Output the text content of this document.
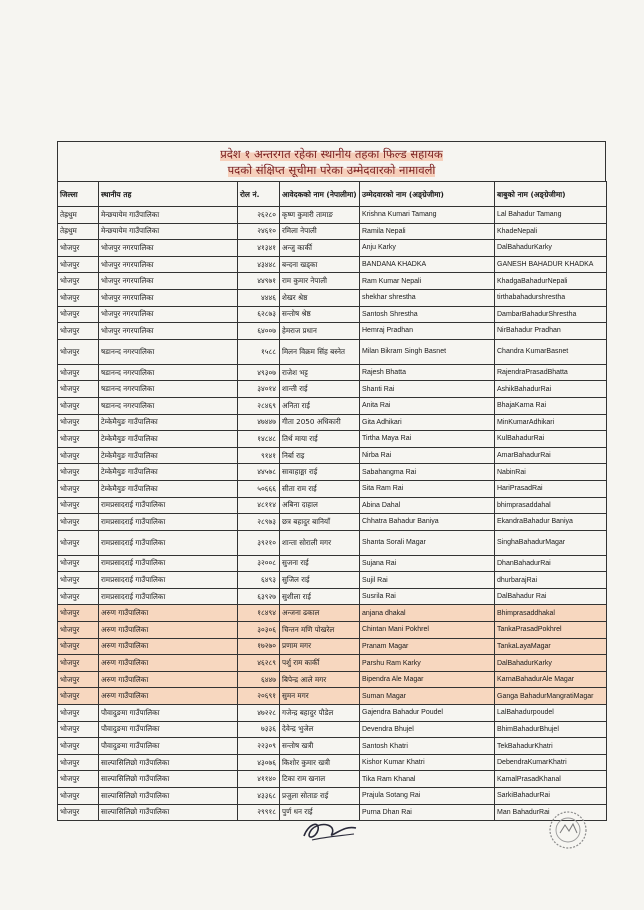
प्रदेश १ अन्तरगत रहेका स्थानीय तहका फिल्ड सहायक
पदको संक्षिप्त सूचीमा परेका उम्मेदवारको नामावली
जिल्ला	स्थानीय तह	रोल नं.	आवेदकको नाम (नेपालीमा)	उम्मेदवारको नाम (अङ्ग्रेजीमा)	बाबुको नाम (अङ्ग्रेजीमा)
तेह्रथुम	मेन्छयायेम गाउँपालिका	२६२८०	कृष्ण कुमारी तामाङ	Krishna Kumari Tamang	Lal Bahadur Tamang
तेह्रथुम	मेन्छयायेम गाउँपालिका	२४६१०	रमिला नेपाली	Ramila Nepali	KhadeNepali
भोजपुर	भोजपुर नगरपालिका	४१३४१	अन्जु कार्की	Anju Karky	DalBahadurKarky
भोजपुर	भोजपुर नगरपालिका	४३४४८	बन्दना खड्का	BANDANA KHADKA	GANESH BAHADUR KHADKA
भोजपुर	भोजपुर नगरपालिका	४४९७१	राम कुमार नेपाली	Ram Kumar Nepali	KhadgaBahadurNepali
भोजपुर	भोजपुर नगरपालिका	४४४६	शेखर श्रेष्ठ	shekhar shrestha	tirthabahadurshrestha
भोजपुर	भोजपुर नगरपालिका	६२८७३	सन्तोष श्रेष्ठ	Santosh Shrestha	DambarBahadurShrestha
भोजपुर	भोजपुर नगरपालिका	६४००७	हेमराज प्रधान	Hemraj Pradhan	NirBahadur Pradhan
भोजपुर	षडानन्द नगरपालिका	१५८८	मिलन विक्रम सिंह बस्नेत	Milan Bikram Singh Basnet	Chandra KumarBasnet
भोजपुर	षडानन्द नगरपालिका	४९३०७	राजेश भट्ट	Rajesh Bhatta	RajendraPrasadBhatta
भोजपुर	षडानन्द नगरपालिका	३४०१४	शान्ती राई	Shanti Rai	AshikBahadurRai
भोजपुर	षडानन्द नगरपालिका	२८४६९	अनिता राई	Anita Rai	BhajaKarna Rai
भोजपुर	टेम्केमैयुङ गाउँपालिका	४७४४७	गीता 2050 अधिकारी	Gita Adhikari	MinKumarAdhikari
भोजपुर	टेम्केमैयुङ गाउँपालिका	१४८४८	तिर्थ माया राई	Tirtha Maya Rai	KulBahadurRai
भोजपुर	टेम्केमैयुङ गाउँपालिका	९१४१	निर्बा राइ	Nirba Rai	AmarBahadurRai
भोजपुर	टेम्केमैयुङ गाउँपालिका	४४५७८	सावाहाङ्मा राई	Sabahangma Rai	NabinRai
भोजपुर	टेम्केमैयुङ गाउँपालिका	५०६६६	सीता राम राई	Sita Ram Rai	HariPrasadRai
भोजपुर	रामप्रसादराई गाउँपालिका	४८११४	अबिना दाहाल	Abina Dahal	bhimprasaddahal
भोजपुर	रामप्रसादराई गाउँपालिका	२८९७३	छत्र बहादुर बानियाँ	Chhatra Bahadur Baniya	EkandraBahadur Baniya
भोजपुर	रामप्रसादराई गाउँपालिका	३९२१०	शान्ता सोराली मगर	Shanta Sorali Magar	SinghaBahadurMagar
भोजपुर	रामप्रसादराई गाउँपालिका	३२००८	सुजना राई	Sujana Rai	DhanBahadurRai
भोजपुर	रामप्रसादराई गाउँपालिका	६४९३	सुजिल राई	Sujil Rai	dhurbarajRai
भोजपुर	रामप्रसादराई गाउँपालिका	६३९२७	सुशीला राई	Susrila Rai	DalBahadur Rai
भोजपुर	अरुण गाउँपालिका	१८४९४	अन्जना ढकाल	anjana dhakal	Bhimprasaddhakal
भोजपुर	अरुण गाउँपालिका	३०३०६	चिन्तन मणि पोखरेल	Chintan Mani Pokhrel	TankaPrasadPokhrel
भोजपुर	अरुण गाउँपालिका	१७२७०	प्रणाम मगर	Pranam Magar	TankaLayaMagar
भोजपुर	अरुण गाउँपालिका	४६२८९	पर्शु राम कार्की	Parshu Ram Karky	DalBahadurKarky
भोजपुर	अरुण गाउँपालिका	६४४७	बिपेन्द्र आले मगर	Bipendra Ale Magar	KarnaBahadurAle Magar
भोजपुर	अरुण गाउँपालिका	२०६९१	सुमन मगर	Suman Magar	Ganga BahadurMangratiMagar
भोजपुर	पौवादुङमा गाउँपालिका	४७२२८	गजेन्द्र बहादुर पौडेल	Gajendra Bahadur Poudel	LalBahadurpoudel
भोजपुर	पौवादुङमा गाउँपालिका	७३३६	देवेन्द्र भुजेल	Devendra Bhujel	BhimBahadurBhujel
भोजपुर	पौवादुङमा गाउँपालिका	२२३०९	सन्तोष खत्री	Santosh Khatri	TekBahadurKhatri
भोजपुर	साल्पासिलिछो गाउँपालिका	४३०७६	किशोर कुमार खत्री	Kishor Kumar Khatri	DebendraKumarKhatri
भोजपुर	साल्पासिलिछो गाउँपालिका	४११४०	टिका राम खनाल	Tika Ram Khanal	KamalPrasadKhanal
भोजपुर	साल्पासिलिछो गाउँपालिका	४३३६८	प्रजुला सोताङ राई	Prajula Sotang Rai	SarkiBahadurRai
भोजपुर	साल्पासिलिछो गाउँपालिका	२९९१८	पुर्ण धन राई	Purna Dhan Rai	Man BahadurRai
